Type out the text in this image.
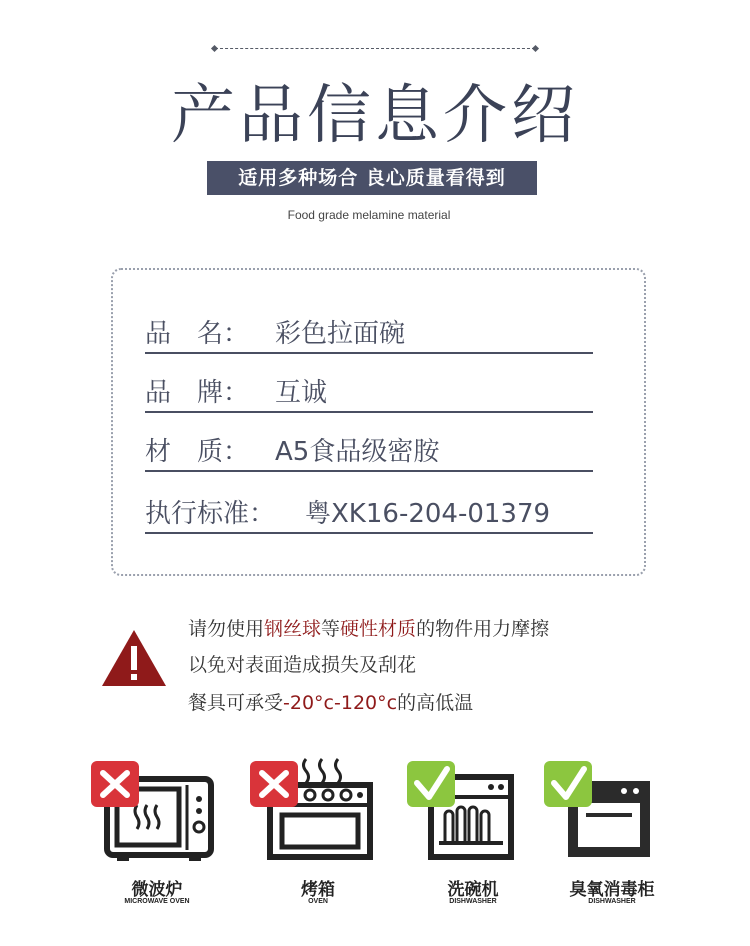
产品信息介绍
适用多种场合 良心质量看得到
Food grade melamine material
品　名： 彩色拉面碗
品　牌： 互诚
材　质： A5食品级密胺
执行标准： 粤XK16-204-01379
请勿使用钢丝球等硬性材质的物件用力摩擦
以免对表面造成损失及刮花
餐具可承受-20°c-120°c的高低温
微波炉
MICROWAVE OVEN
烤箱
OVEN
洗碗机
DISHWASHER
臭氧消毒柜
DISHWASHER
